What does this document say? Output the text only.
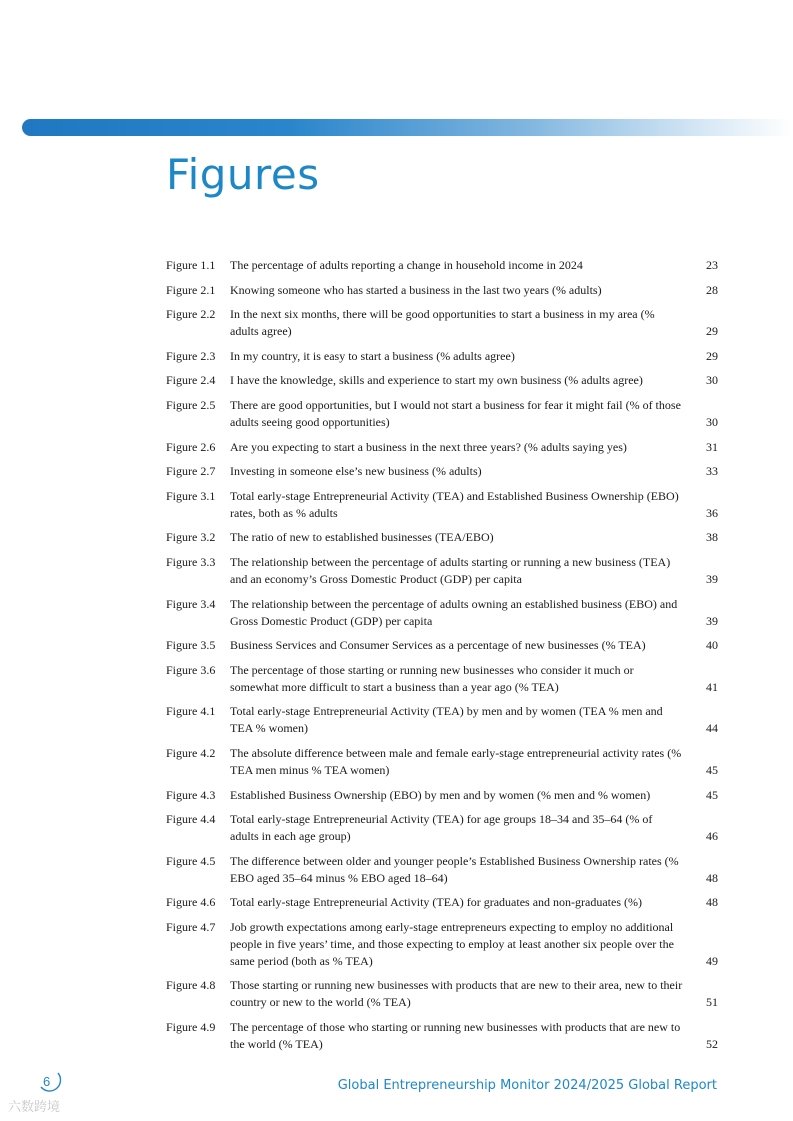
Figures
Figure 1.1	The percentage of adults reporting a change in household income in 2024	23
Figure 2.1	Knowing someone who has started a business in the last two years (% adults)	28
Figure 2.2	In the next six months, there will be good opportunities to start a business in my area (% adults agree)	29
Figure 2.3	In my country, it is easy to start a business (% adults agree)	29
Figure 2.4	I have the knowledge, skills and experience to start my own business (% adults agree)	30
Figure 2.5	There are good opportunities, but I would not start a business for fear it might fail (% of those adults seeing good opportunities)	30
Figure 2.6	Are you expecting to start a business in the next three years? (% adults saying yes)	31
Figure 2.7	Investing in someone else’s new business (% adults)	33
Figure 3.1	Total early-stage Entrepreneurial Activity (TEA) and Established Business Ownership (EBO) rates, both as % adults	36
Figure 3.2	The ratio of new to established businesses (TEA/EBO)	38
Figure 3.3	The relationship between the percentage of adults starting or running a new business (TEA) and an economy’s Gross Domestic Product (GDP) per capita	39
Figure 3.4	The relationship between the percentage of adults owning an established business (EBO) and Gross Domestic Product (GDP) per capita	39
Figure 3.5	Business Services and Consumer Services as a percentage of new businesses (% TEA)	40
Figure 3.6	The percentage of those starting or running new businesses who consider it much or somewhat more difficult to start a business than a year ago (% TEA)	41
Figure 4.1	Total early-stage Entrepreneurial Activity (TEA) by men and by women (TEA % men and TEA % women)	44
Figure 4.2	The absolute difference between male and female early-stage entrepreneurial activity rates (% TEA men minus % TEA women)	45
Figure 4.3	Established Business Ownership (EBO) by men and by women (% men and % women)	45
Figure 4.4	Total early-stage Entrepreneurial Activity (TEA) for age groups 18–34 and 35–64 (% of adults in each age group)	46
Figure 4.5	The difference between older and younger people’s Established Business Ownership rates (% EBO aged 35–64 minus % EBO aged 18–64)	48
Figure 4.6	Total early-stage Entrepreneurial Activity (TEA) for graduates and non-graduates (%)	48
Figure 4.7	Job growth expectations among early-stage entrepreneurs expecting to employ no additional people in five years’ time, and those expecting to employ at least another six people over the same period (both as % TEA)	49
Figure 4.8	Those starting or running new businesses with products that are new to their area, new to their country or new to the world (% TEA)	51
Figure 4.9	The percentage of those who starting or running new businesses with products that are new to the world (% TEA)	52
6	Global Entrepreneurship Monitor 2024/2025 Global Report
六数跨境
